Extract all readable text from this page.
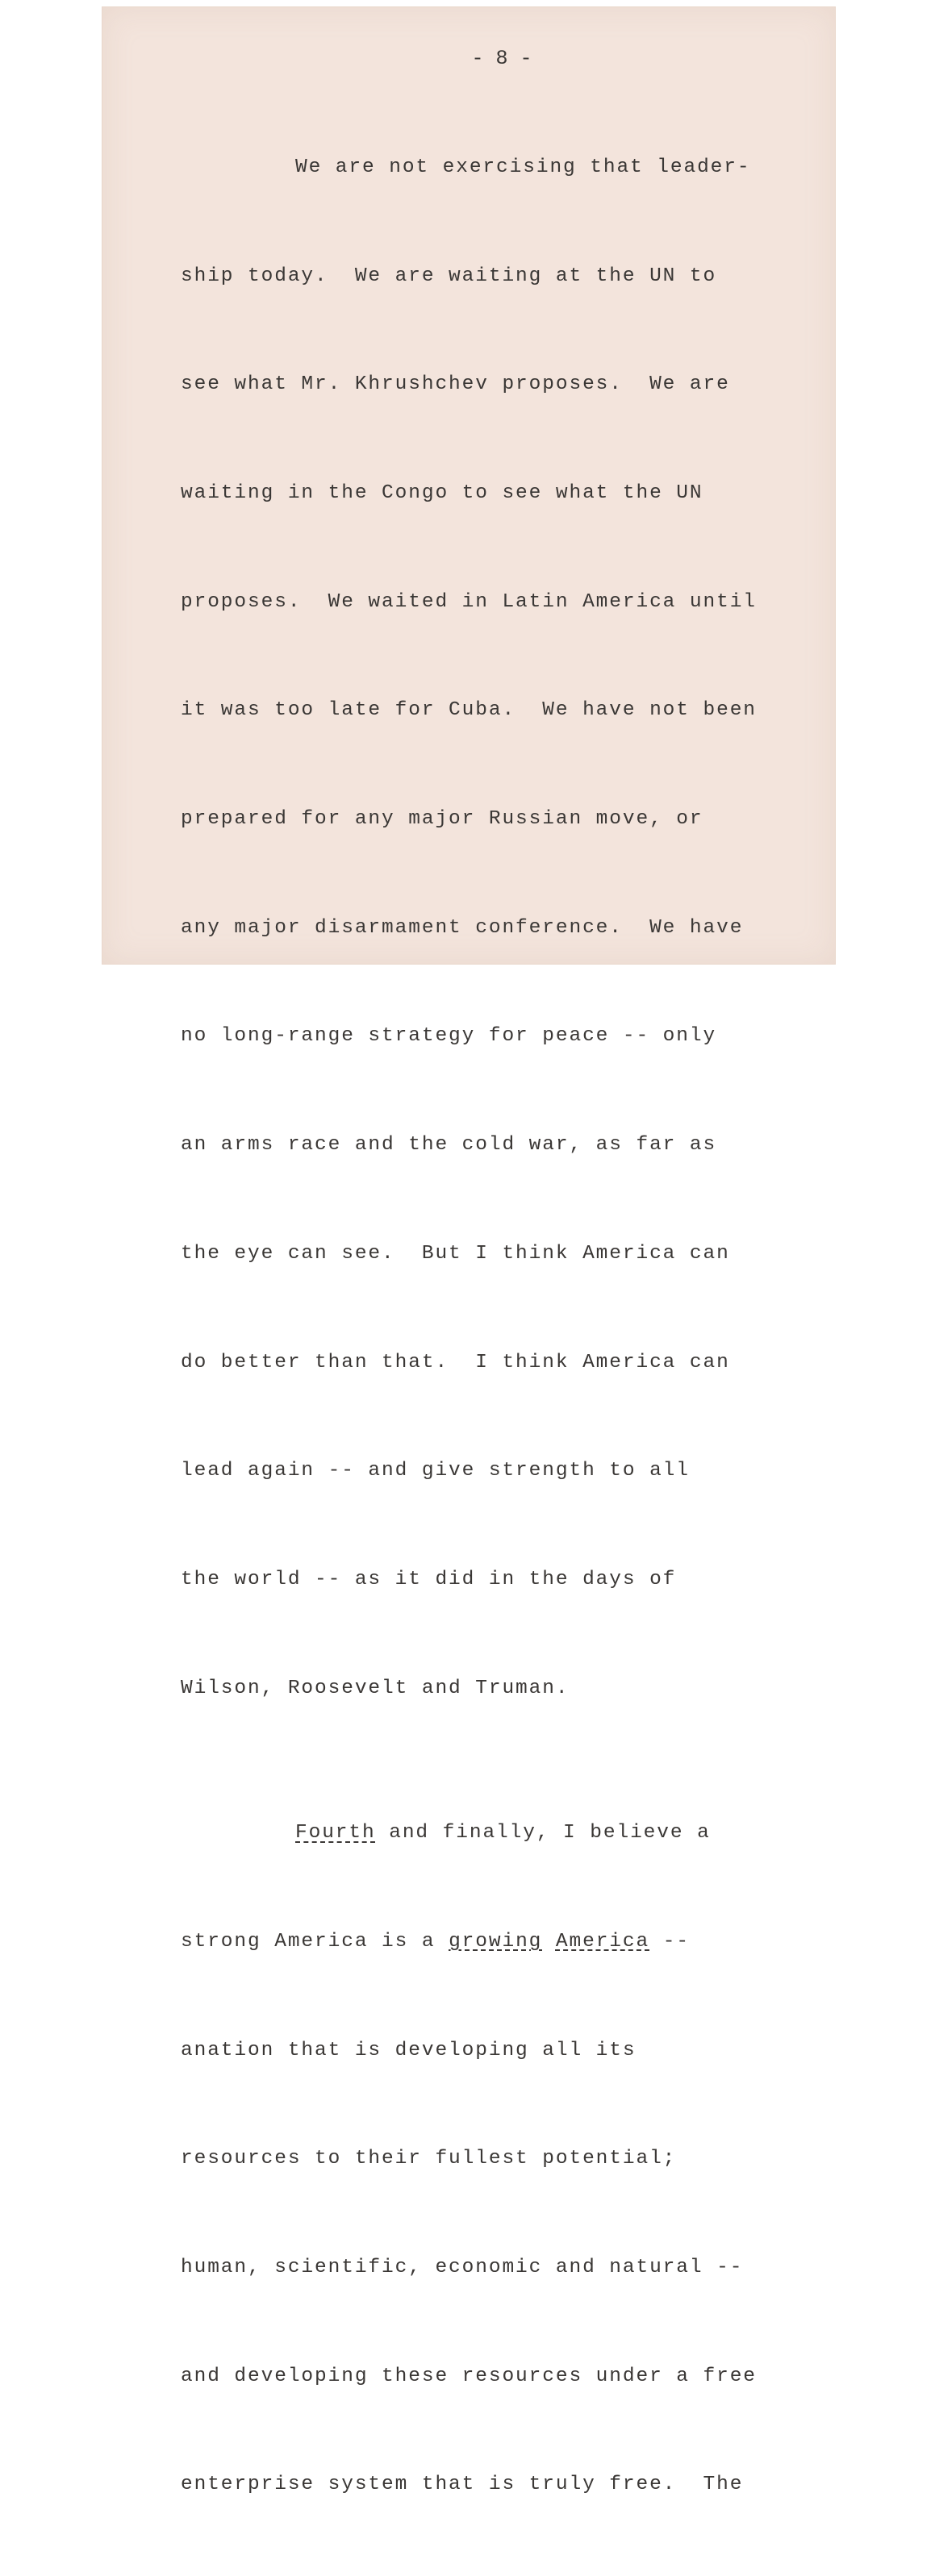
- 8 -

We are not exercising that leader-

ship today.  We are waiting at the UN to

see what Mr. Khrushchev proposes.  We are

waiting in the Congo to see what the UN

proposes.  We waited in Latin America until

it was too late for Cuba.  We have not been

prepared for any major Russian move, or

any major disarmament conference.  We have

no long-range strategy for peace -- only

an arms race and the cold war, as far as

the eye can see.  But I think America can

do better than that.  I think America can

lead again -- and give strength to all

the world -- as it did in the days of

Wilson, Roosevelt and Truman.

Fourth and finally, I believe a

strong America is a growing America --

anation that is developing all its

resources to their fullest potential;

human, scientific, economic and natural --

and developing these resources under a free

enterprise system that is truly free.  The
